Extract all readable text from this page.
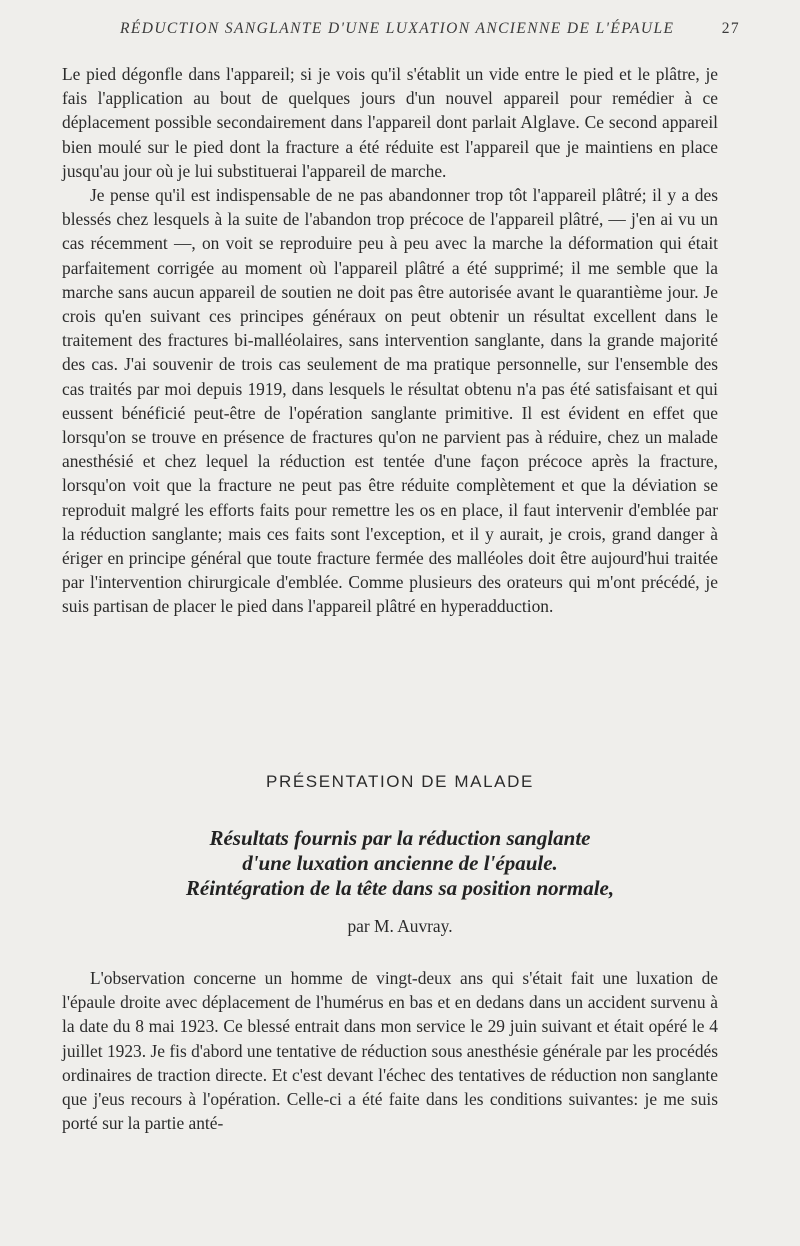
RÉDUCTION SANGLANTE D'UNE LUXATION ANCIENNE DE L'ÉPAULE	27

Le pied dégonfle dans l'appareil; si je vois qu'il s'établit un vide entre le pied et le plâtre, je fais l'application au bout de quelques jours d'un nouvel appareil pour remédier à ce déplacement possible secondairement dans l'appareil dont parlait Alglave. Ce second appareil bien moulé sur le pied dont la fracture a été réduite est l'appareil que je maintiens en place jusqu'au jour où je lui substituerai l'appareil de marche.

Je pense qu'il est indispensable de ne pas abandonner trop tôt l'appareil plâtré; il y a des blessés chez lesquels à la suite de l'abandon trop précoce de l'appareil plâtré, — j'en ai vu un cas récemment —, on voit se reproduire peu à peu avec la marche la déformation qui était parfaitement corrigée au moment où l'appareil plâtré a été supprimé; il me semble que la marche sans aucun appareil de soutien ne doit pas être autorisée avant le quarantième jour. Je crois qu'en suivant ces principes généraux on peut obtenir un résultat excellent dans le traitement des fractures bi-malléolaires, sans intervention sanglante, dans la grande majorité des cas. J'ai souvenir de trois cas seulement de ma pratique personnelle, sur l'ensemble des cas traités par moi depuis 1919, dans lesquels le résultat obtenu n'a pas été satisfaisant et qui eussent bénéficié peut-être de l'opération sanglante primitive. Il est évident en effet que lorsqu'on se trouve en présence de fractures qu'on ne parvient pas à réduire, chez un malade anesthésié et chez lequel la réduction est tentée d'une façon précoce après la fracture, lorsqu'on voit que la fracture ne peut pas être réduite complètement et que la déviation se reproduit malgré les efforts faits pour remettre les os en place, il faut intervenir d'emblée par la réduction sanglante; mais ces faits sont l'exception, et il y aurait, je crois, grand danger à ériger en principe général que toute fracture fermée des malléoles doit être aujourd'hui traitée par l'intervention chirurgicale d'emblée. Comme plusieurs des orateurs qui m'ont précédé, je suis partisan de placer le pied dans l'appareil plâtré en hyperadduction.

PRÉSENTATION DE MALADE
Résultats fournis par la réduction sanglante
d'une luxation ancienne de l'épaule.
Réintégration de la tête dans sa position normale,
par M. Auvray.

L'observation concerne un homme de vingt-deux ans qui s'était fait une luxation de l'épaule droite avec déplacement de l'humérus en bas et en dedans dans un accident survenu à la date du 8 mai 1923. Ce blessé entrait dans mon service le 29 juin suivant et était opéré le 4 juillet 1923. Je fis d'abord une tentative de réduction sous anesthésie générale par les procédés ordinaires de traction directe. Et c'est devant l'échec des tentatives de réduction non sanglante que j'eus recours à l'opération. Celle-ci a été faite dans les conditions suivantes: je me suis porté sur la partie anté-
